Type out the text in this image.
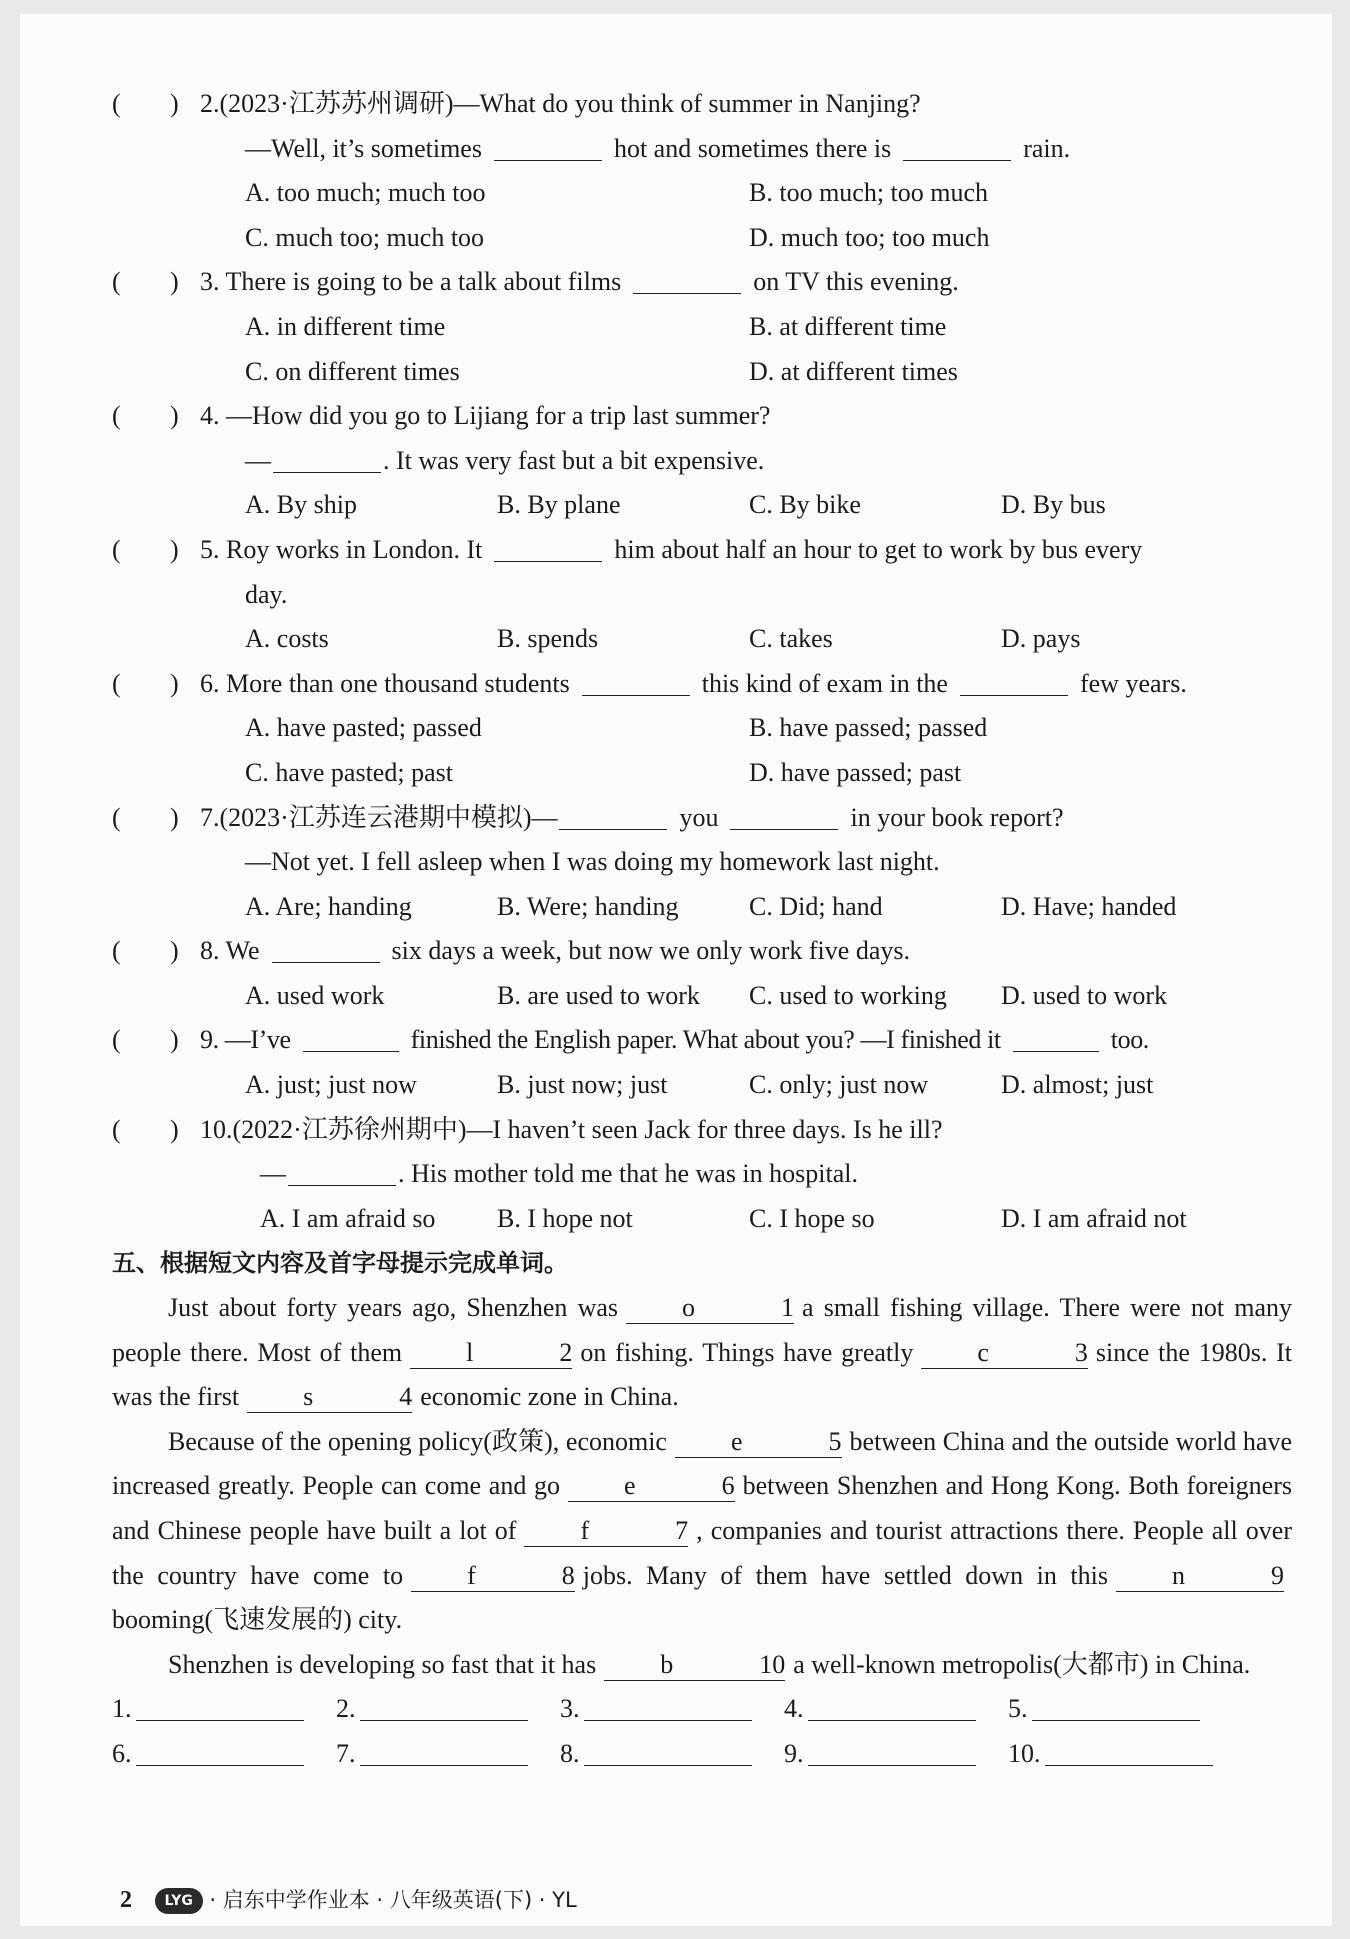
( ) 2.(2023·江苏苏州调研)—What do you think of summer in Nanjing?
—Well, it’s sometimes	hot and sometimes there is	rain.
A. too much; much too	B. too much; too much
C. much too; much too	D. much too; too much
( ) 3. There is going to be a talk about films	on TV this evening.
A. in different time	B. at different time
C. on different times	D. at different times
( ) 4. —How did you go to Lijiang for a trip last summer?
—	. It was very fast but a bit expensive.
A. By ship	B. By plane	C. By bike	D. By bus
( ) 5. Roy works in London. It	him about half an hour to get to work by bus every
day.
A. costs	B. spends	C. takes	D. pays
( ) 6. More than one thousand students	this kind of exam in the	few years.
A. have pasted; passed	B. have passed; passed
C. have pasted; past	D. have passed; past
( ) 7.(2023·江苏连云港期中模拟)—	you	in your book report?
—Not yet. I fell asleep when I was doing my homework last night.
A. Are; handing	B. Were; handing	C. Did; hand	D. Have; handed
( ) 8. We	six days a week, but now we only work five days.
A. used work	B. are used to work C. used to working D. used to work
( ) 9. —I’ve	finished the English paper. What about you? —I finished it	too.
A. just; just now	B. just now; just	C. only; just now	D. almost; just
( ) 10.(2022·江苏徐州期中)—I haven’t seen Jack for three days. Is he ill?
—	. His mother told me that he was in hospital.
A. I am afraid so B. I hope not	C. I hope so	D. I am afraid not
五、根据短文内容及首字母提示完成单词。
Just about forty years ago, Shenzhen was o	1 a small fishing village. There were not many people there. Most of them l	2 on fishing. Things have greatly c	3 since the 1980s. It was the first s	4 economic zone in China.
Because of the opening policy(政策), economic e	5 between China and the outside world have increased greatly. People can come and go e	6 between Shenzhen and Hong Kong. Both foreigners and Chinese people have built a lot of f	7 , companies and tourist attractions there. People all over the country have come to f	8 jobs. Many of them have settled down in this n	9booming(飞速发展的) city.
Shenzhen is developing so fast that it has b	10 a well-known metropolis(大都市) in China.
1.	2.	3.	4.	5.
6.	7.	8.	9.	10.
2 LYG · 启东中学作业本 · 八年级英语(下) · YL
